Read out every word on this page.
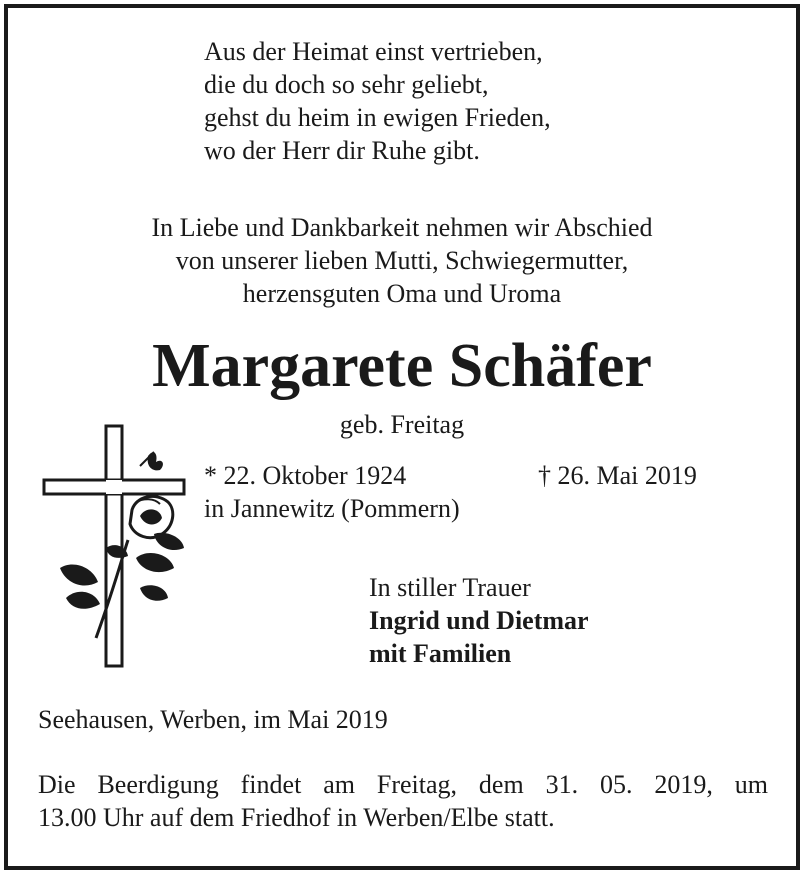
Aus der Heimat einst vertrieben,
die du doch so sehr geliebt,
gehst du heim in ewigen Frieden,
wo der Herr dir Ruhe gibt.
In Liebe und Dankbarkeit nehmen wir Abschied
von unserer lieben Mutti, Schwiegermutter,
herzensguten Oma und Uroma
Margarete Schäfer
geb. Freitag
* 22. Oktober 1924
in Jannewitz (Pommern)
† 26. Mai 2019
In stiller Trauer
Ingrid und Dietmar
mit Familien
Seehausen, Werben, im Mai 2019
Die Beerdigung findet am Freitag, dem 31. 05. 2019, um
13.00 Uhr auf dem Friedhof in Werben/Elbe statt.
